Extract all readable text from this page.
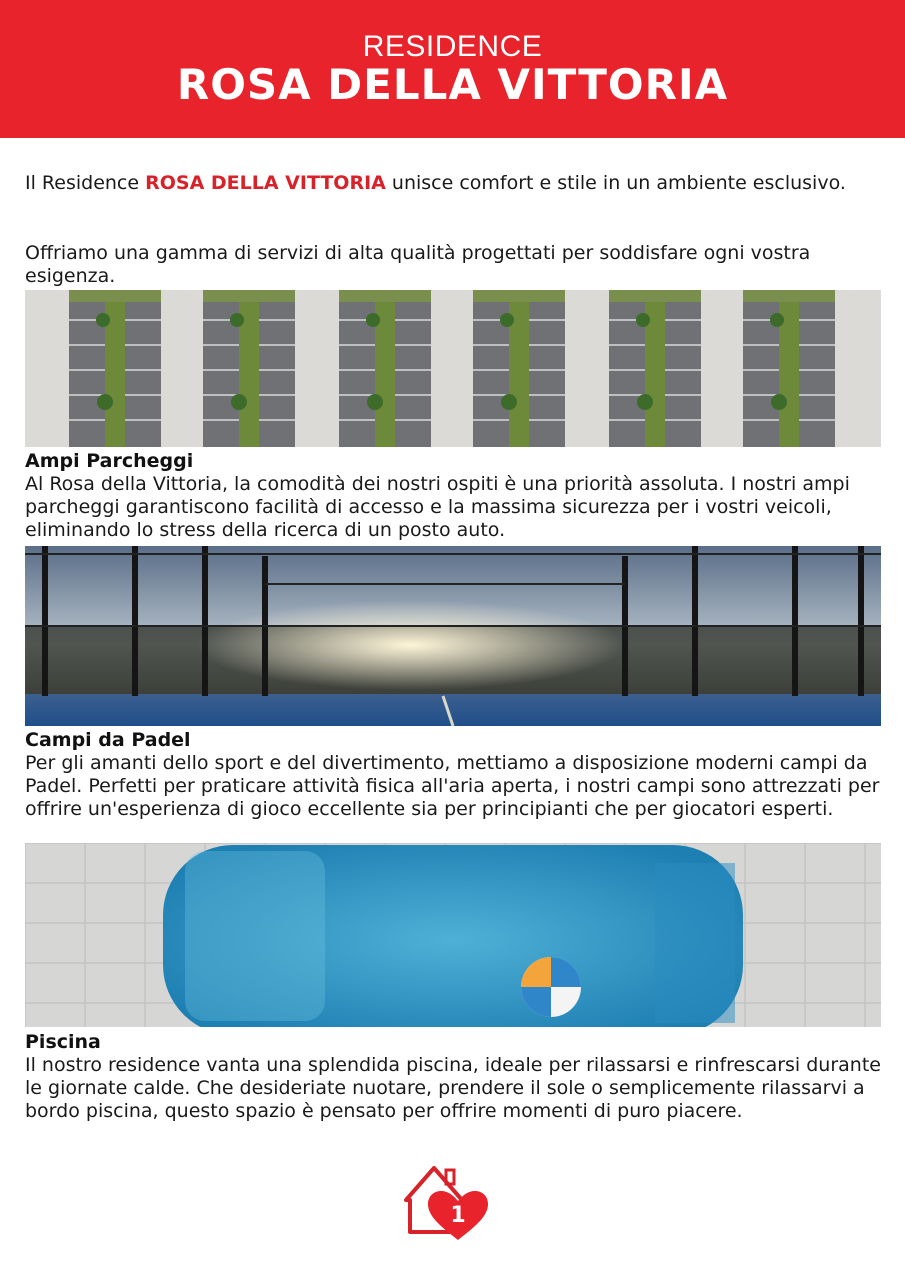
RESIDENCE
ROSA DELLA VITTORIA
Il Residence ROSA DELLA VITTORIA unisce comfort e stile in un ambiente esclusivo.
Offriamo una gamma di servizi di alta qualità progettati per soddisfare ogni vostra esigenza.
Ampi Parcheggi
Al Rosa della Vittoria, la comodità dei nostri ospiti è una priorità assoluta. I nostri ampi parcheggi garantiscono facilità di accesso e la massima sicurezza per i vostri veicoli, eliminando lo stress della ricerca di un posto auto.
Campi da Padel
Per gli amanti dello sport e del divertimento, mettiamo a disposizione moderni campi da Padel. Perfetti per praticare attività fisica all'aria aperta, i nostri campi sono attrezzati per offrire un'esperienza di gioco eccellente sia per principianti che per giocatori esperti.
Piscina
Il nostro residence vanta una splendida piscina, ideale per rilassarsi e rinfrescarsi durante le giornate calde. Che desideriate nuotare, prendere il sole o semplicemente rilassarvi a bordo piscina, questo spazio è pensato per offrire momenti di puro piacere.
1
